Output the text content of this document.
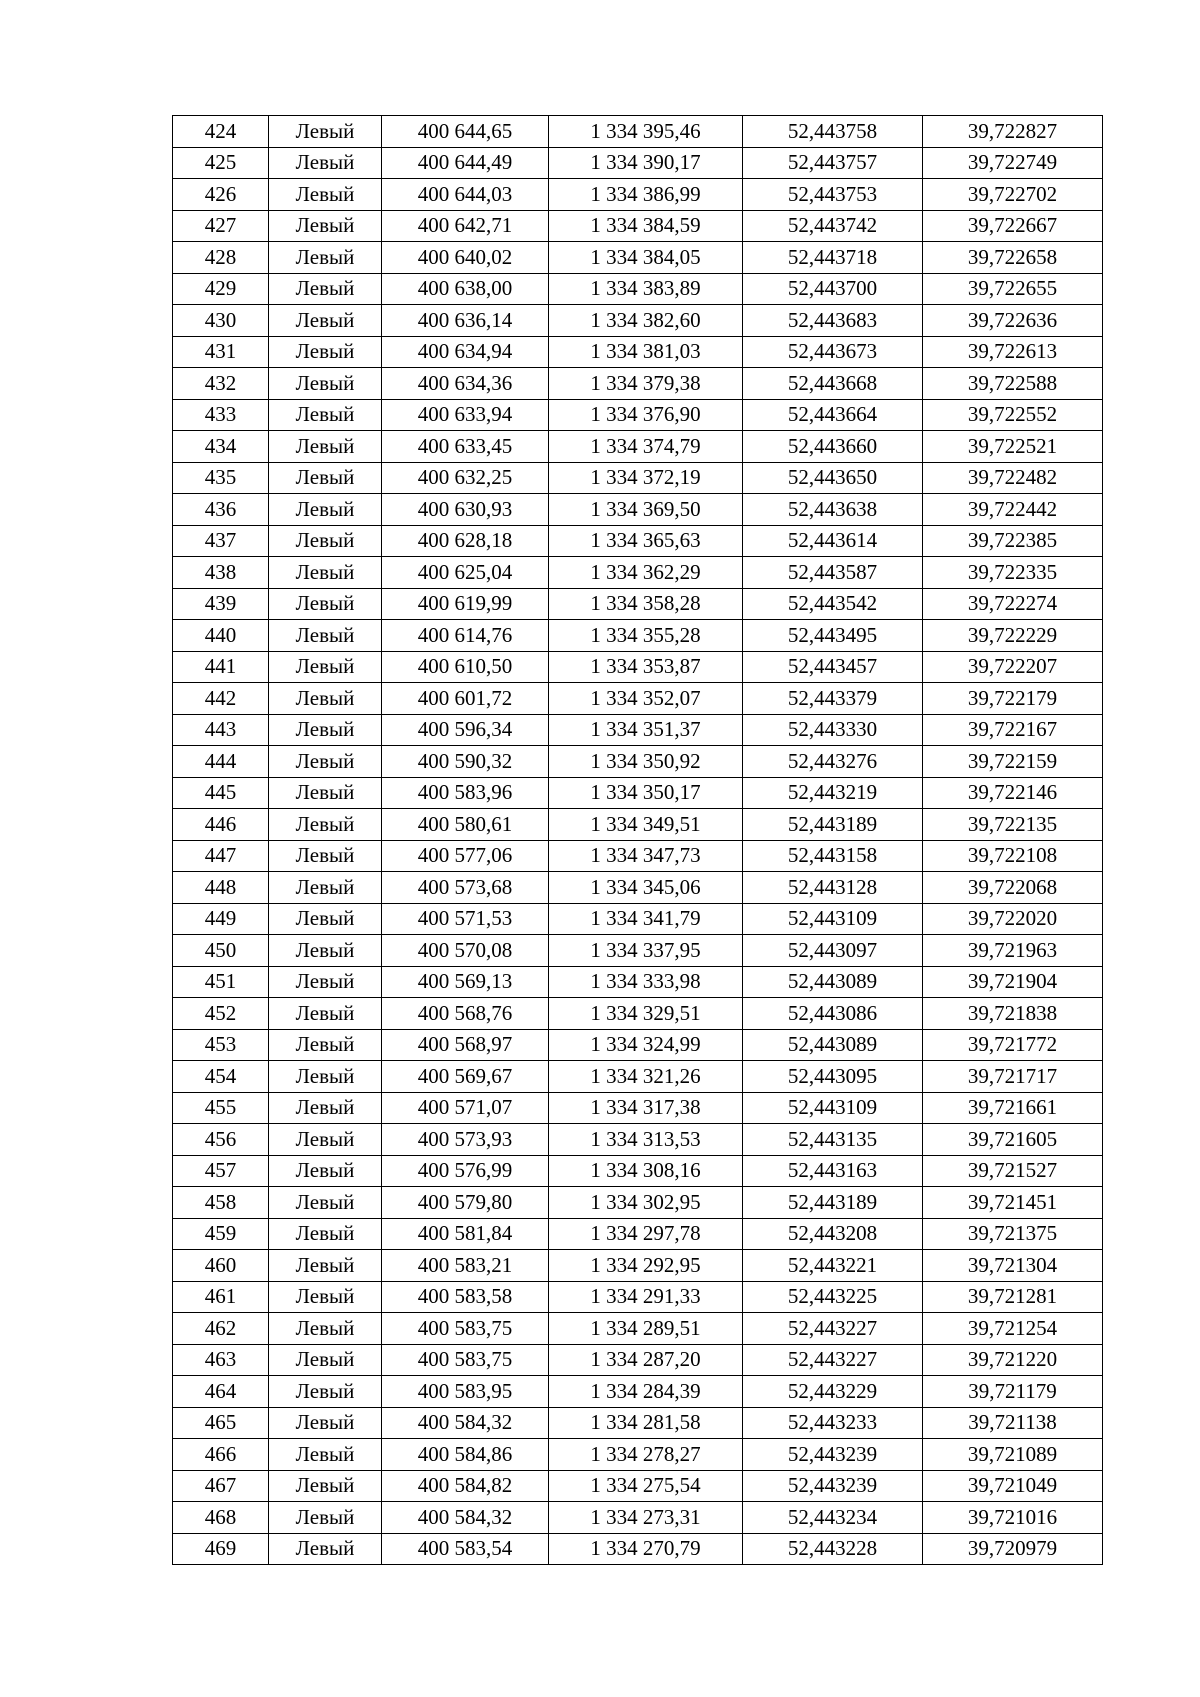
424	Левый	400 644,65	1 334 395,46	52,443758	39,722827
425	Левый	400 644,49	1 334 390,17	52,443757	39,722749
426	Левый	400 644,03	1 334 386,99	52,443753	39,722702
427	Левый	400 642,71	1 334 384,59	52,443742	39,722667
428	Левый	400 640,02	1 334 384,05	52,443718	39,722658
429	Левый	400 638,00	1 334 383,89	52,443700	39,722655
430	Левый	400 636,14	1 334 382,60	52,443683	39,722636
431	Левый	400 634,94	1 334 381,03	52,443673	39,722613
432	Левый	400 634,36	1 334 379,38	52,443668	39,722588
433	Левый	400 633,94	1 334 376,90	52,443664	39,722552
434	Левый	400 633,45	1 334 374,79	52,443660	39,722521
435	Левый	400 632,25	1 334 372,19	52,443650	39,722482
436	Левый	400 630,93	1 334 369,50	52,443638	39,722442
437	Левый	400 628,18	1 334 365,63	52,443614	39,722385
438	Левый	400 625,04	1 334 362,29	52,443587	39,722335
439	Левый	400 619,99	1 334 358,28	52,443542	39,722274
440	Левый	400 614,76	1 334 355,28	52,443495	39,722229
441	Левый	400 610,50	1 334 353,87	52,443457	39,722207
442	Левый	400 601,72	1 334 352,07	52,443379	39,722179
443	Левый	400 596,34	1 334 351,37	52,443330	39,722167
444	Левый	400 590,32	1 334 350,92	52,443276	39,722159
445	Левый	400 583,96	1 334 350,17	52,443219	39,722146
446	Левый	400 580,61	1 334 349,51	52,443189	39,722135
447	Левый	400 577,06	1 334 347,73	52,443158	39,722108
448	Левый	400 573,68	1 334 345,06	52,443128	39,722068
449	Левый	400 571,53	1 334 341,79	52,443109	39,722020
450	Левый	400 570,08	1 334 337,95	52,443097	39,721963
451	Левый	400 569,13	1 334 333,98	52,443089	39,721904
452	Левый	400 568,76	1 334 329,51	52,443086	39,721838
453	Левый	400 568,97	1 334 324,99	52,443089	39,721772
454	Левый	400 569,67	1 334 321,26	52,443095	39,721717
455	Левый	400 571,07	1 334 317,38	52,443109	39,721661
456	Левый	400 573,93	1 334 313,53	52,443135	39,721605
457	Левый	400 576,99	1 334 308,16	52,443163	39,721527
458	Левый	400 579,80	1 334 302,95	52,443189	39,721451
459	Левый	400 581,84	1 334 297,78	52,443208	39,721375
460	Левый	400 583,21	1 334 292,95	52,443221	39,721304
461	Левый	400 583,58	1 334 291,33	52,443225	39,721281
462	Левый	400 583,75	1 334 289,51	52,443227	39,721254
463	Левый	400 583,75	1 334 287,20	52,443227	39,721220
464	Левый	400 583,95	1 334 284,39	52,443229	39,721179
465	Левый	400 584,32	1 334 281,58	52,443233	39,721138
466	Левый	400 584,86	1 334 278,27	52,443239	39,721089
467	Левый	400 584,82	1 334 275,54	52,443239	39,721049
468	Левый	400 584,32	1 334 273,31	52,443234	39,721016
469	Левый	400 583,54	1 334 270,79	52,443228	39,720979
